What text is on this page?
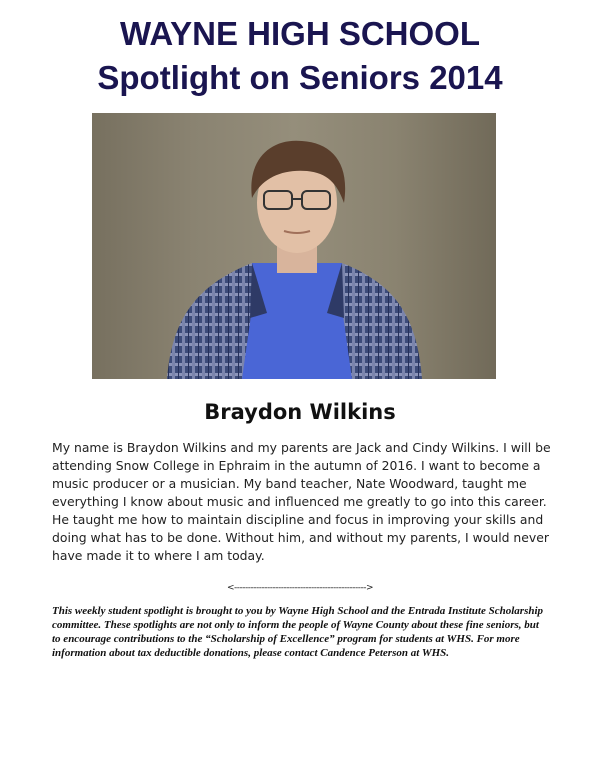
WAYNE HIGH SCHOOL
Spotlight on Seniors 2014
Braydon Wilkins
My name is Braydon Wilkins and my parents are Jack and Cindy Wilkins. I will be attending Snow College in Ephraim in the autumn of 2016. I want to become a music producer or a musician. My band teacher, Nate Woodward, taught me everything I know about music and influenced me greatly to go into this career. He taught me how to maintain discipline and focus in improving your skills and doing what has to be done. Without him, and without my parents, I would never have made it to where I am today.
<------------------------------------------------>
This weekly student spotlight is brought to you by Wayne High School and the Entrada Institute Scholarship committee. These spotlights are not only to inform the people of Wayne County about these fine seniors, but to encourage contributions to the “Scholarship of Excellence” program for students at WHS. For more information about tax deductible donations, please contact Candence Peterson at WHS.
